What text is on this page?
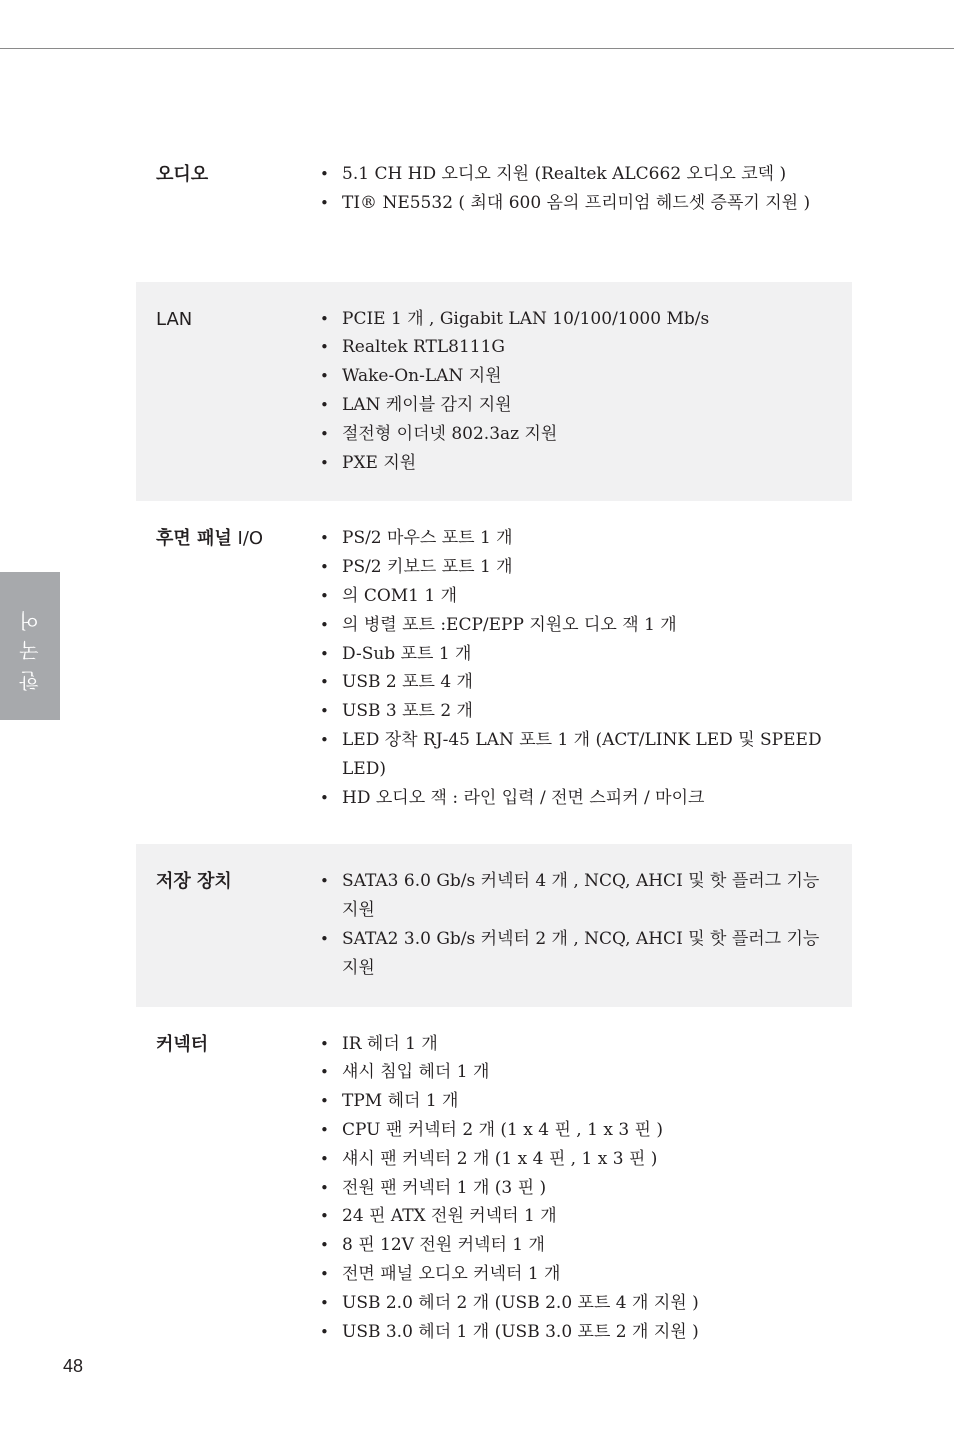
한국어
오디오	• 5.1 CH HD 오디오 지원 (Realtek ALC662 오디오 코덱 )
• TI® NE5532 ( 최대 600 옴의 프리미엄 헤드셋 증폭기 지원 )
LAN	• PCIE 1 개 , Gigabit LAN 10/100/1000 Mb/s
• Realtek RTL8111G
• Wake-On-LAN 지원
• LAN 케이블 감지 지원
• 절전형 이더넷 802.3az 지원
• PXE 지원
후면 패널 I/O	• PS/2 마우스 포트 1 개
• PS/2 키보드 포트 1 개
• 의 COM1 1 개
• 의 병렬 포트 :ECP/EPP 지원오 디오 잭 1 개
• D-Sub 포트 1 개
• USB 2 포트 4 개
• USB 3 포트 2 개
• LED 장착 RJ-45 LAN 포트 1 개 (ACT/LINK LED 및 SPEED LED)
• HD 오디오 잭 : 라인 입력 / 전면 스피커 / 마이크
저장 장치	• SATA3 6.0 Gb/s 커넥터 4 개 , NCQ, AHCI 및 핫 플러그 기능 지원
• SATA2 3.0 Gb/s 커넥터 2 개 , NCQ, AHCI 및 핫 플러그 기능 지원
커넥터	• IR 헤더 1 개
• 섀시 침입 헤더 1 개
• TPM 헤더 1 개
• CPU 팬 커넥터 2 개 (1 x 4 핀 , 1 x 3 핀 )
• 섀시 팬 커넥터 2 개 (1 x 4 핀 , 1 x 3 핀 )
• 전원 팬 커넥터 1 개 (3 핀 )
• 24 핀 ATX 전원 커넥터 1 개
• 8 핀 12V 전원 커넥터 1 개
• 전면 패널 오디오 커넥터 1 개
• USB 2.0 헤더 2 개 (USB 2.0 포트 4 개 지원 )
• USB 3.0 헤더 1 개 (USB 3.0 포트 2 개 지원 )
48
